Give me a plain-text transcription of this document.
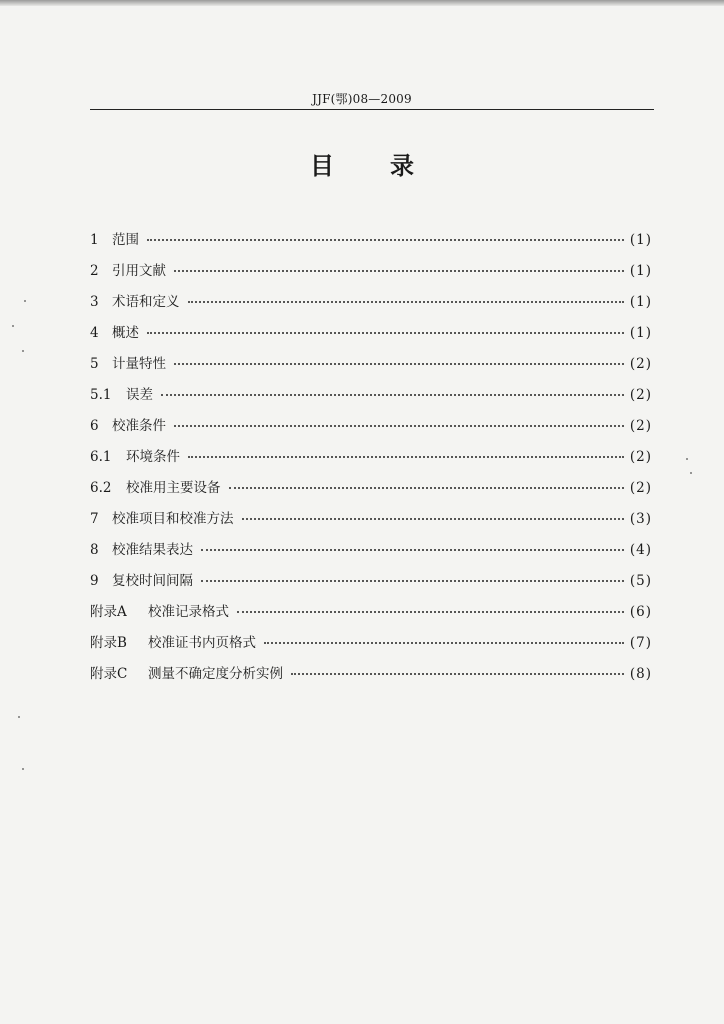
JJF(鄂)08—2009
目 录
1 范围	(1)
2 引用文献	(1)
3 术语和定义	(1)
4 概述	(1)
5 计量特性	(2)
5.1	误差	(2)
6 校准条件	(2)
6.1	环境条件	(2)
6.2	校准用主要设备	(2)
7 校准项目和校准方法	(3)
8 校准结果表达	(4)
9 复校时间间隔	(5)
附录A	校准记录格式	(6)
附录B	校准证书内页格式	(7)
附录C	测量不确定度分析实例	(8)
